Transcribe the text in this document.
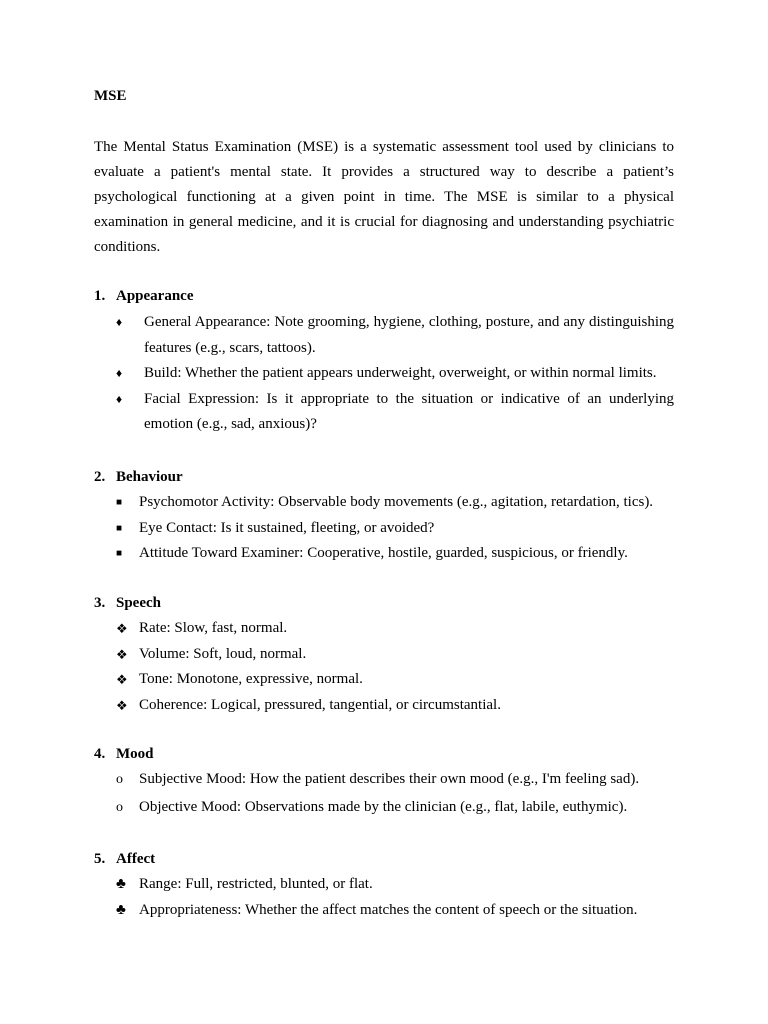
MSE

The Mental Status Examination (MSE) is a systematic assessment tool used by clinicians to evaluate a patient's mental state. It provides a structured way to describe a patient’s psychological functioning at a given point in time. The MSE is similar to a physical examination in general medicine, and it is crucial for diagnosing and understanding psychiatric conditions.

1. Appearance
♦	General Appearance: Note grooming, hygiene, clothing, posture, and any distinguishing features (e.g., scars, tattoos).
♦	Build: Whether the patient appears underweight, overweight, or within normal limits.
♦	Facial Expression: Is it appropriate to the situation or indicative of an underlying emotion (e.g., sad, anxious)?
2. Behaviour
■	Psychomotor Activity: Observable body movements (e.g., agitation, retardation, tics).
■	Eye Contact: Is it sustained, fleeting, or avoided?
■	Attitude Toward Examiner: Cooperative, hostile, guarded, suspicious, or friendly.
3. Speech
❖ Rate: Slow, fast, normal.
❖ Volume: Soft, loud, normal.
❖ Tone: Monotone, expressive, normal.
❖ Coherence: Logical, pressured, tangential, or circumstantial.
4. Mood
o	Subjective Mood: How the patient describes their own mood (e.g., I'm feeling sad).
o	Objective Mood: Observations made by the clinician (e.g., flat, labile, euthymic).
5. Affect
♣ Range: Full, restricted, blunted, or flat.
♣ Appropriateness: Whether the affect matches the content of speech or the situation.
